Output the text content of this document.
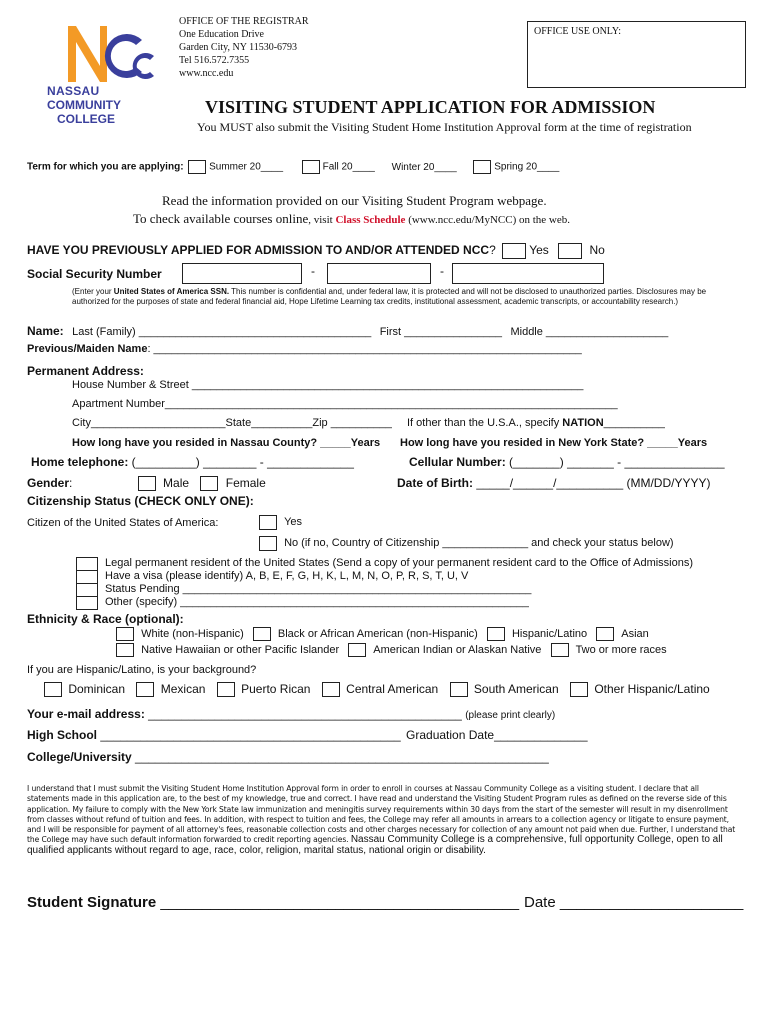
NASSAU
COMMUNITY
COLLEGE
OFFICE OF THE REGISTRAR
One Education Drive
Garden City, NY 11530-6793
Tel 516.572.7355
www.ncc.edu
OFFICE USE ONLY:
VISITING STUDENT APPLICATION FOR ADMISSION
You MUST also submit the Visiting Student Home Institution Approval form at the time of registration
Term for which you are applying:	Summer 20____	Fall 20____ Winter 20____	Spring 20____
Read the information provided on our Visiting Student Program webpage.
To check available courses online, visit Class Schedule (www.ncc.edu/MyNCC) on the web.
HAVE YOU PREVIOUSLY APPLIED FOR ADMISSION TO AND/OR ATTENDED NCC?	Yes	No
Social Security Number	-	-
(Enter your United States of America SSN. This number is confidential and, under federal law, it is protected and will not be disclosed to unauthorized parties. Disclosures may be authorized for the purposes of state and federal financial aid, Hope Lifetime Learning tax credits, institutional assessment, academic transcripts, or accountability research.)
Name: Last (Family) ______________________________________ First ________________ Middle ____________________
Previous/Maiden Name: ______________________________________________________________________
Permanent Address:
House Number & Street ________________________________________________________________
Apartment Number__________________________________________________________________________
City______________________State__________Zip __________ If other than the U.S.A., specify NATION__________
How long have you resided in Nassau County? _____Years How long have you resided in New York State? _____Years
Home telephone: (_________) ________ - _____________	Cellular Number: (_______) _______ - _______________
Gender:	Male	Female	Date of Birth: _____/______/__________ (MM/DD/YYYY)
Citizenship Status (CHECK ONLY ONE):
Citizen of the United States of America:	Yes
No (if no, Country of Citizenship ______________ and check your status below)
Legal permanent resident of the United States (Send a copy of your permanent resident card to the Office of Admissions)
Have a visa (please identify) A, B, E, F, G, H, K, L, M, N, O, P, R, S, T, U, V
Status Pending _________________________________________________________
Other (specify) _________________________________________________________
Ethnicity & Race (optional):
White (non-Hispanic)	Black or African American (non-Hispanic)	Hispanic/Latino	Asian
Native Hawaiian or other Pacific Islander	American Indian or Alaskan Native	Two or more races
If you are Hispanic/Latino, is your background?
Dominican	Mexican	Puerto Rican	Central American	South American	Other Hispanic/Latino
Your e-mail address: _______________________________________________ (please print clearly)
High School _____________________________________________ Graduation Date______________
College/University ______________________________________________________________
I understand that I must submit the Visiting Student Home Institution Approval form in order to enroll in courses at Nassau Community College as a visiting student. I declare that all statements made in this application are, to the best of my knowledge, true and correct. I have read and understand the Visiting Student Program rules as defined on the reverse side of this application. My failure to comply with the New York State law immunization and meningitis survey requirements within 30 days from the start of the semester will result in my disenrollment from classes without refund of tuition and fees. In addition, with respect to tuition and fees, the College may refer all amounts in arrears to a collection agency or litigate to ensure payment, and I will be responsible for payment of all attorney's fees, reasonable collection costs and other charges necessary for collection of any amount not paid when due. Further, I understand that the College may have such default information forwarded to credit reporting agencies. Nassau Community College is a comprehensive, full opportunity College, open to all qualified applicants without regard to age, race, color, religion, marital status, national origin or disability.
Student Signature ___________________________________________ Date ______________________
